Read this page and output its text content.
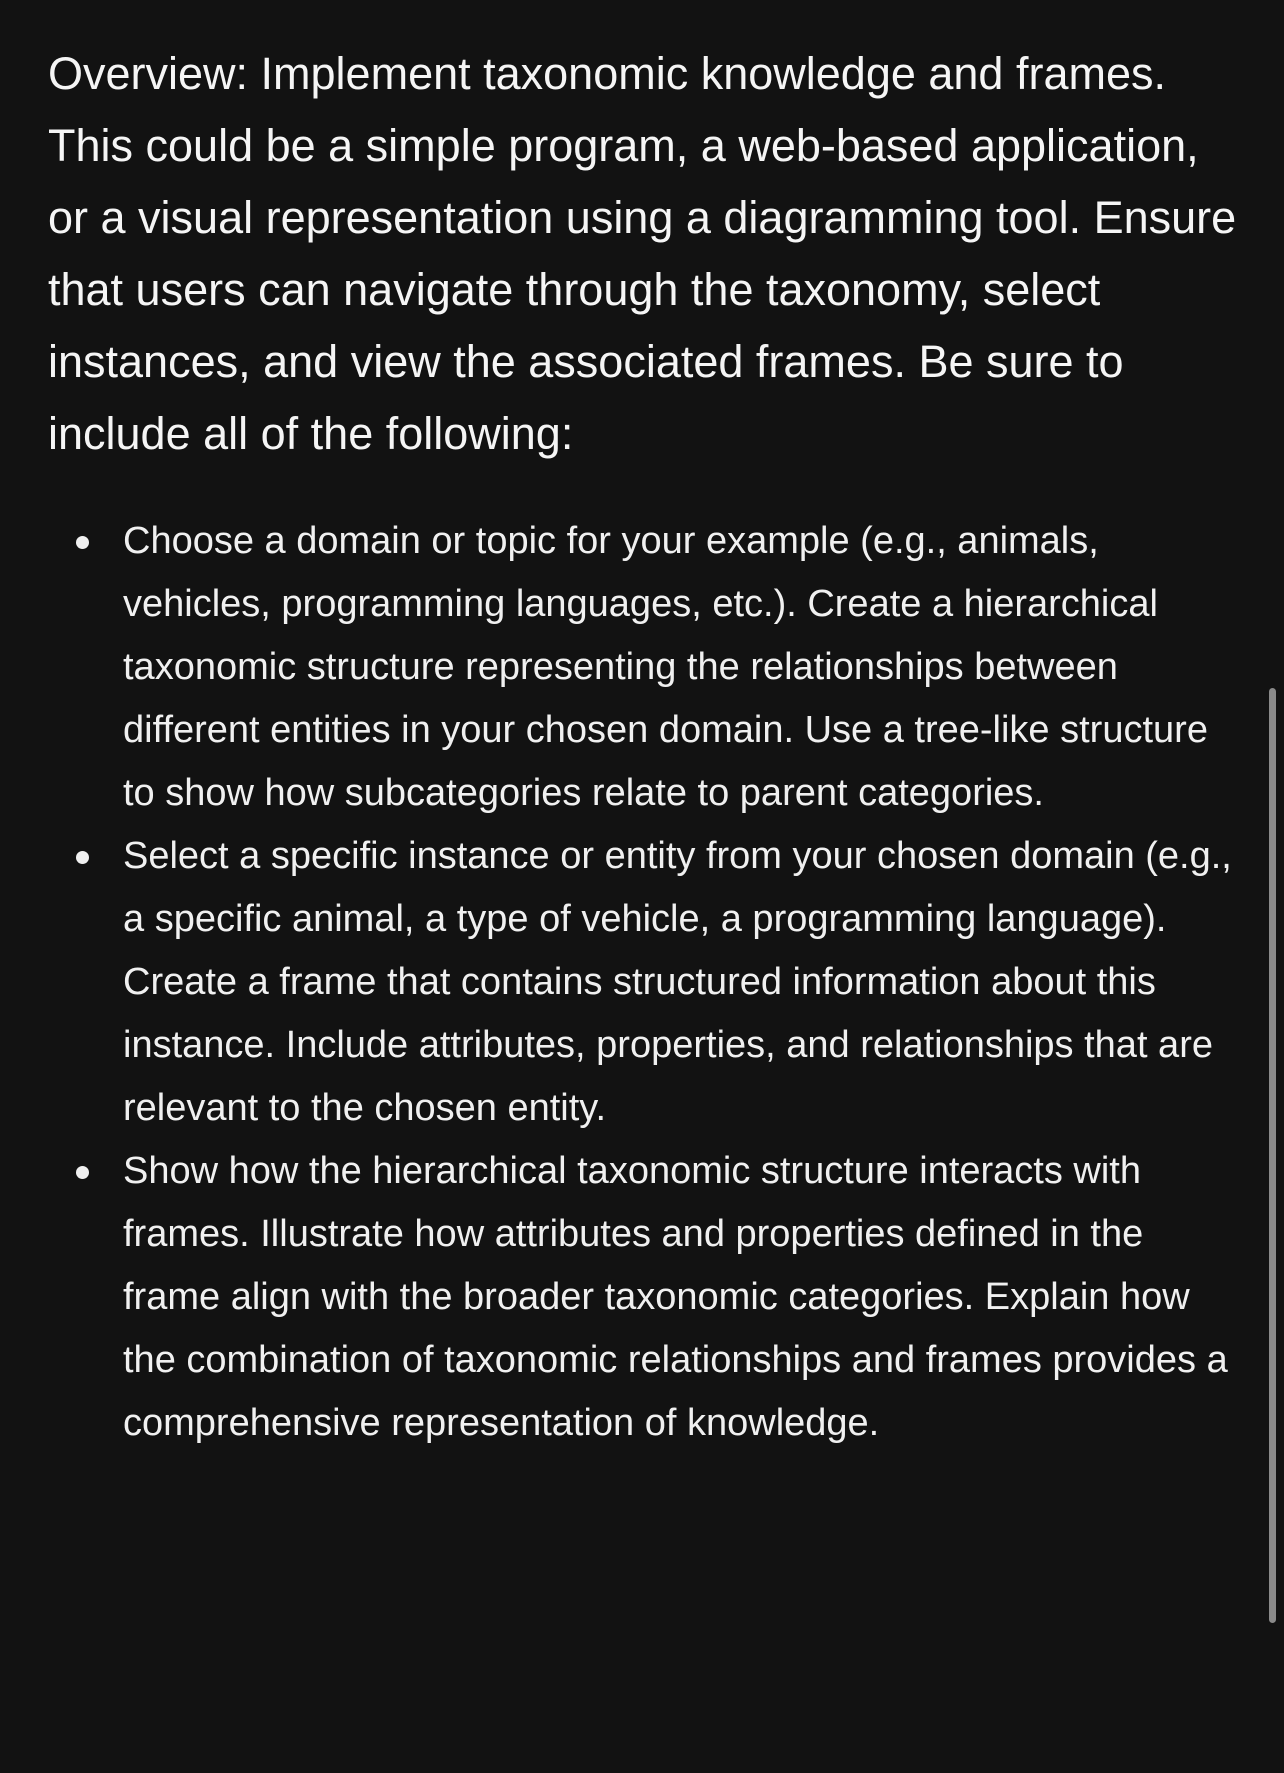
Overview: Implement taxonomic knowledge and frames. This could be a simple program, a web-based application, or a visual representation using a diagramming tool. Ensure that users can navigate through the taxonomy, select instances, and view the associated frames. Be sure to include all of the following:

Choose a domain or topic for your example (e.g., animals, vehicles, programming languages, etc.). Create a hierarchical taxonomic structure representing the relationships between different entities in your chosen domain. Use a tree-like structure to show how subcategories relate to parent categories.
Select a specific instance or entity from your chosen domain (e.g., a specific animal, a type of vehicle, a programming language). Create a frame that contains structured information about this instance. Include attributes, properties, and relationships that are relevant to the chosen entity.
Show how the hierarchical taxonomic structure interacts with frames. Illustrate how attributes and properties defined in the frame align with the broader taxonomic categories. Explain how the combination of taxonomic relationships and frames provides a comprehensive representation of knowledge.
